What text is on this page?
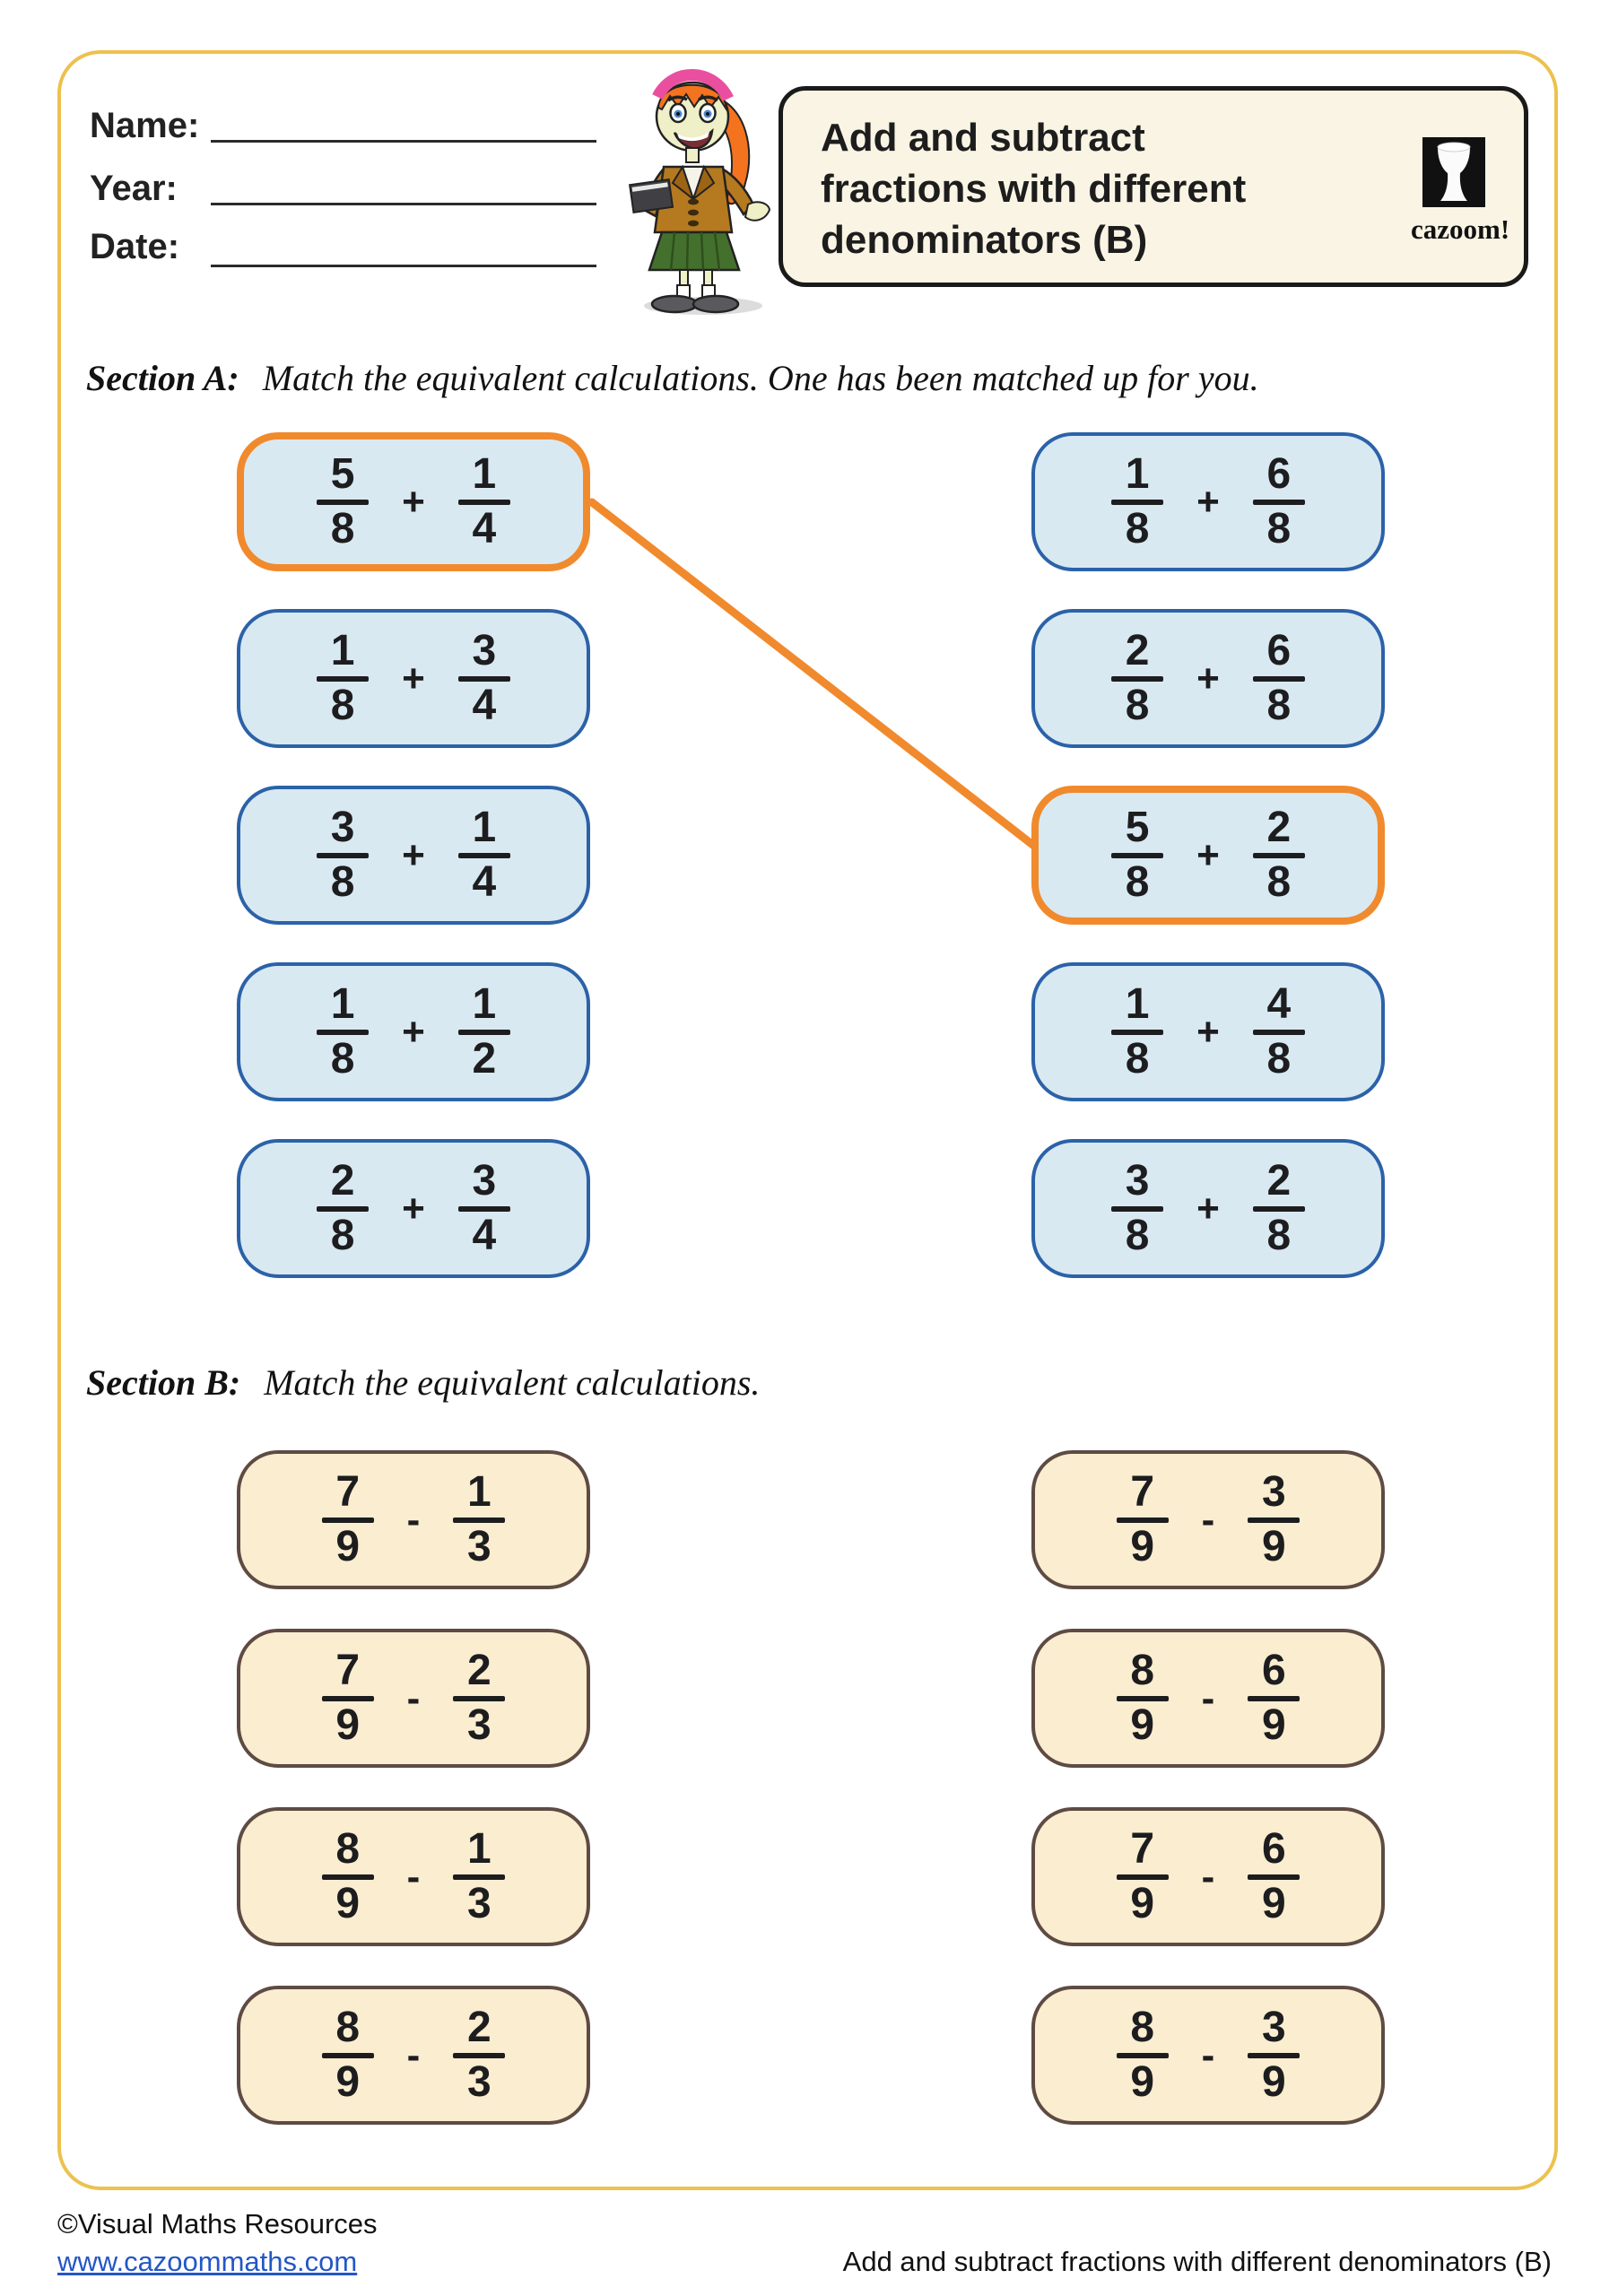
Name:
Year:
Date:
Add and subtract
fractions with different
denominators (B)	cazoom!
Section A: Match the equivalent calculations. One has been matched up for you.
5
8
+
1
4
1
8
+
3
4
3
8
+
1
4
1
8
+
1
2
2
8
+
3
4
1
8
+
6
8
2
8
+
6
8
5
8
+
2
8
1
8
+
4
8
3
8
+
2
8
Section B: Match the equivalent calculations.
7
9
-
1
3
7
9
-
2
3
8
9
-
1
3
8
9
-
2
3
7
9
-
3
9
8
9
-
6
9
7
9
-
6
9
8
9
-
3
9
©Visual Maths Resources
www.cazoommaths.com	Add and subtract fractions with different denominators (B)
